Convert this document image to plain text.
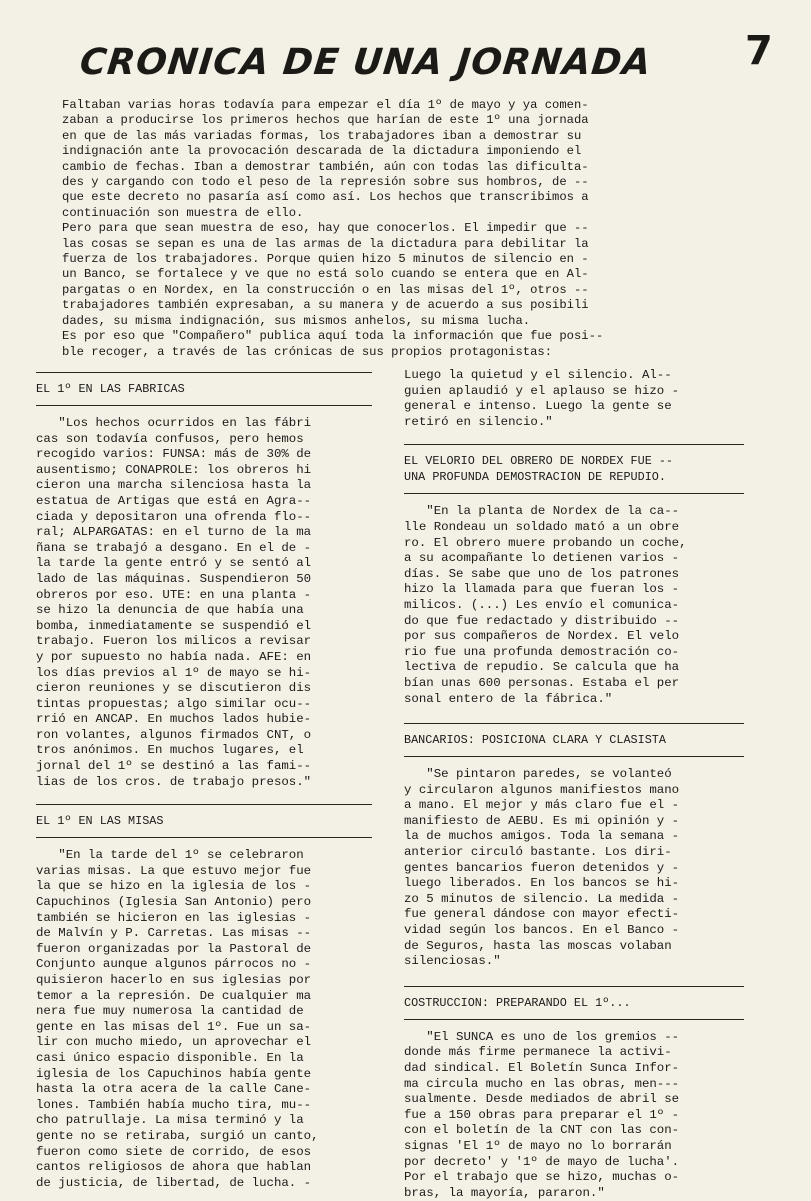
CRONICA DE UNA JORNADA	7

Faltaban varias horas todavía para empezar el día 1º de mayo y ya comen-
zaban a producirse los primeros hechos que harían de este 1º una jornada
en que de las más variadas formas, los trabajadores iban a demostrar su
indignación ante la provocación descarada de la dictadura imponiendo el
cambio de fechas. Iban a demostrar también, aún con todas las dificulta-
des y cargando con todo el peso de la represión sobre sus hombros, de --
que este decreto no pasaría así como así. Los hechos que transcribimos a
continuación son muestra de ello.

Pero para que sean muestra de eso, hay que conocerlos. El impedir que --
las cosas se sepan es una de las armas de la dictadura para debilitar la
fuerza de los trabajadores. Porque quien hizo 5 minutos de silencio en -
un Banco, se fortalece y ve que no está solo cuando se entera que en Al-
pargatas o en Nordex, en la construcción o en las misas del 1º, otros --
trabajadores también expresaban, a su manera y de acuerdo a sus posibili
dades, su misma indignación, sus mismos anhelos, su misma lucha.

Es por eso que "Compañero" publica aquí toda la información que fue posi--
ble recoger, a través de las crónicas de sus propios protagonistas:

EL 1º EN LAS FABRICAS
"Los hechos ocurridos en las fábri
cas son todavía confusos, pero hemos
recogido varios: FUNSA: más de 30% de
ausentismo; CONAPROLE: los obreros hi
cieron una marcha silenciosa hasta la
estatua de Artigas que está en Agra--
ciada y depositaron una ofrenda flo--
ral; ALPARGATAS: en el turno de la ma
ñana se trabajó a desgano. En el de -
la tarde la gente entró y se sentó al
lado de las máquinas. Suspendieron 50
obreros por eso. UTE: en una planta -
se hizo la denuncia de que había una
bomba, inmediatamente se suspendió el
trabajo. Fueron los milicos a revisar
y por supuesto no había nada. AFE: en
los días previos al 1º de mayo se hi-
cieron reuniones y se discutieron dis
tintas propuestas; algo similar ocu--
rrió en ANCAP. En muchos lados hubie-
ron volantes, algunos firmados CNT, o
tros anónimos. En muchos lugares, el
jornal del 1º se destinó a las fami--
lias de los cros. de trabajo presos."
EL 1º EN LAS MISAS
"En la tarde del 1º se celebraron
varias misas. La que estuvo mejor fue
la que se hizo en la iglesia de los -
Capuchinos (Iglesia San Antonio) pero
también se hicieron en las iglesias -
de Malvín y P. Carretas. Las misas --
fueron organizadas por la Pastoral de
Conjunto aunque algunos párrocos no -
quisieron hacerlo en sus iglesias por
temor a la represión. De cualquier ma
nera fue muy numerosa la cantidad de
gente en las misas del 1º. Fue un sa-
lir con mucho miedo, un aprovechar el
casi único espacio disponible. En la
iglesia de los Capuchinos había gente
hasta la otra acera de la calle Cane-
lones. También había mucho tira, mu--
cho patrullaje. La misa terminó y la
gente no se retiraba, surgió un canto,
fueron como siete de corrido, de esos
cantos religiosos de ahora que hablan
de justicia, de libertad, de lucha. -
Luego la quietud y el silencio. Al--
guien aplaudió y el aplauso se hizo -
general e intenso. Luego la gente se
retiró en silencio."
EL VELORIO DEL OBRERO DE NORDEX FUE --
UNA PROFUNDA DEMOSTRACION DE REPUDIO.
"En la planta de Nordex de la ca--
lle Rondeau un soldado mató a un obre
ro. El obrero muere probando un coche,
a su acompañante lo detienen varios -
días. Se sabe que uno de los patrones
hizo la llamada para que fueran los -
milicos. (...) Les envío el comunica-
do que fue redactado y distribuido --
por sus compañeros de Nordex. El velo
rio fue una profunda demostración co-
lectiva de repudio. Se calcula que ha
bían unas 600 personas. Estaba el per
sonal entero de la fábrica."
BANCARIOS: POSICIONA CLARA Y CLASISTA
"Se pintaron paredes, se volanteó
y circularon algunos manifiestos mano
a mano. El mejor y más claro fue el -
manifiesto de AEBU. Es mi opinión y -
la de muchos amigos. Toda la semana -
anterior circuló bastante. Los diri-
gentes bancarios fueron detenidos y -
luego liberados. En los bancos se hi-
zo 5 minutos de silencio. La medida -
fue general dándose con mayor efecti-
vidad según los bancos. En el Banco -
de Seguros, hasta las moscas volaban
silenciosas."
COSTRUCCION: PREPARANDO EL 1º...
"El SUNCA es uno de los gremios --
donde más firme permanece la activi-
dad sindical. El Boletín Sunca Infor-
ma circula mucho en las obras, men---
sualmente. Desde mediados de abril se
fue a 150 obras para preparar el 1º -
con el boletín de la CNT con las con-
signas 'El 1º de mayo no lo borrarán
por decreto' y '1º de mayo de lucha'.
Por el trabajo que se hizo, muchas o-
bras, la mayoría, pararon."
